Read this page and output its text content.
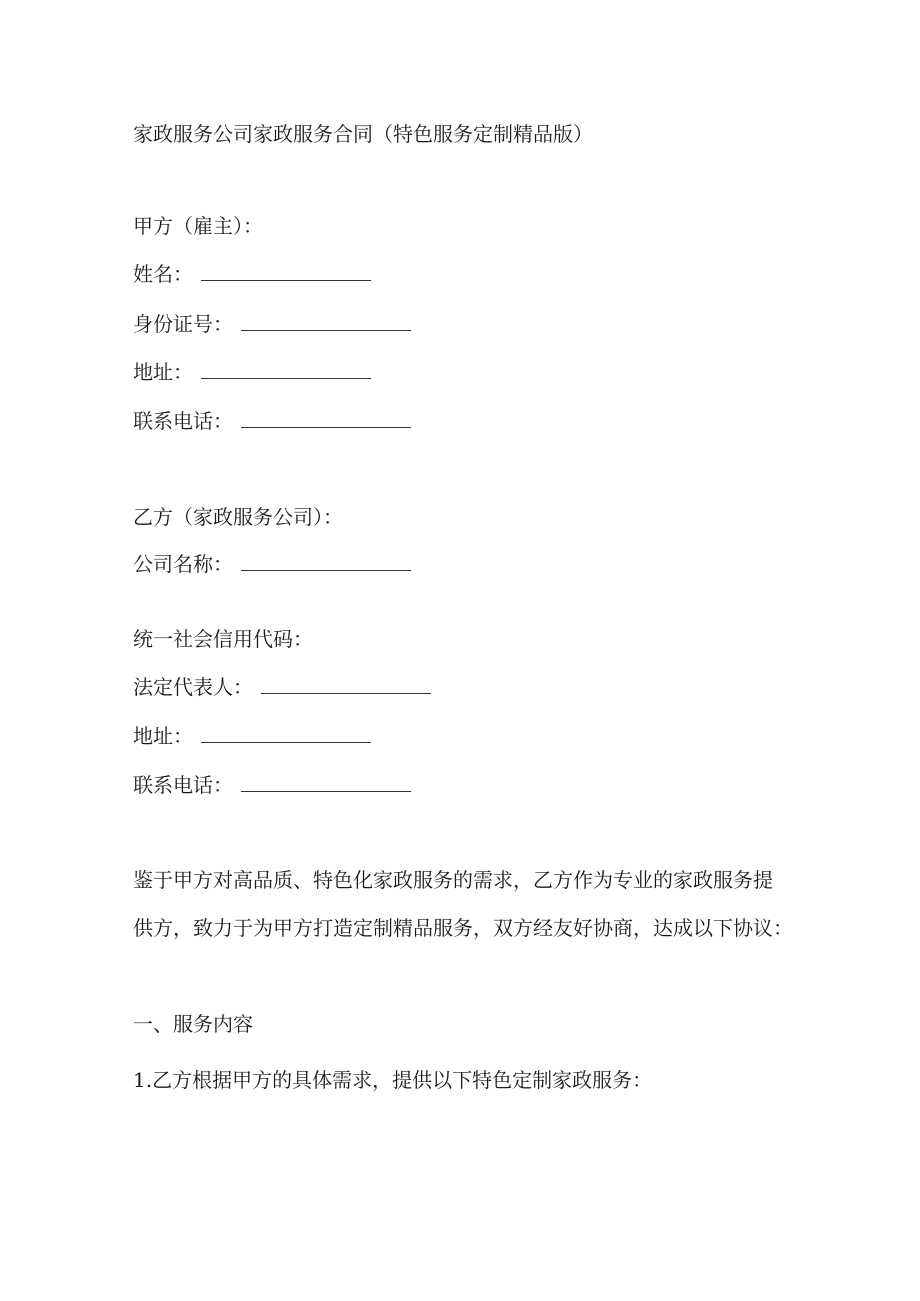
家政服务公司家政服务合同（特色服务定制精品版）
甲方（雇主）：
姓名：
身份证号：
地址：
联系电话：
乙方（家政服务公司）：
公司名称：
统一社会信用代码：
法定代表人：
地址：
联系电话：
鉴于甲方对高品质、特色化家政服务的需求，乙方作为专业的家政服务提
供方，致力于为甲方打造定制精品服务，双方经友好协商，达成以下协议：
一、服务内容
1.乙方根据甲方的具体需求，提供以下特色定制家政服务：
